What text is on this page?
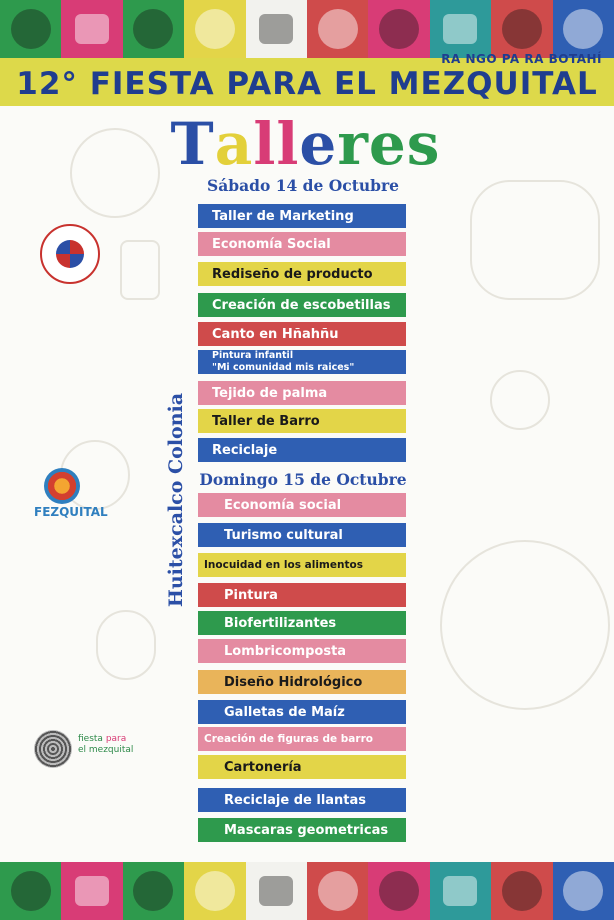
RA NGO PA RA BOTAHÍ
12° FIESTA PARA EL MEZQUITAL
Talleres
Sábado 14 de Octubre
Taller de Marketing
Economía Social
Rediseño de producto
Creación de escobetillas
Canto en Hñahñu
Pintura infantil
"Mi comunidad mis raices"
Tejido de palma
Taller de Barro
Reciclaje
Domingo 15 de Octubre
Economía social
Turismo cultural
Inocuidad en los alimentos
Pintura
Biofertilizantes
Lombricomposta
Diseño Hidrológico
Galletas de Maíz
Creación de figuras de barro
Cartonería
Reciclaje de llantas
Mascaras geometricas
Huitexcalco Colonia
FEZQUITAL
fiesta para
el mezquital
